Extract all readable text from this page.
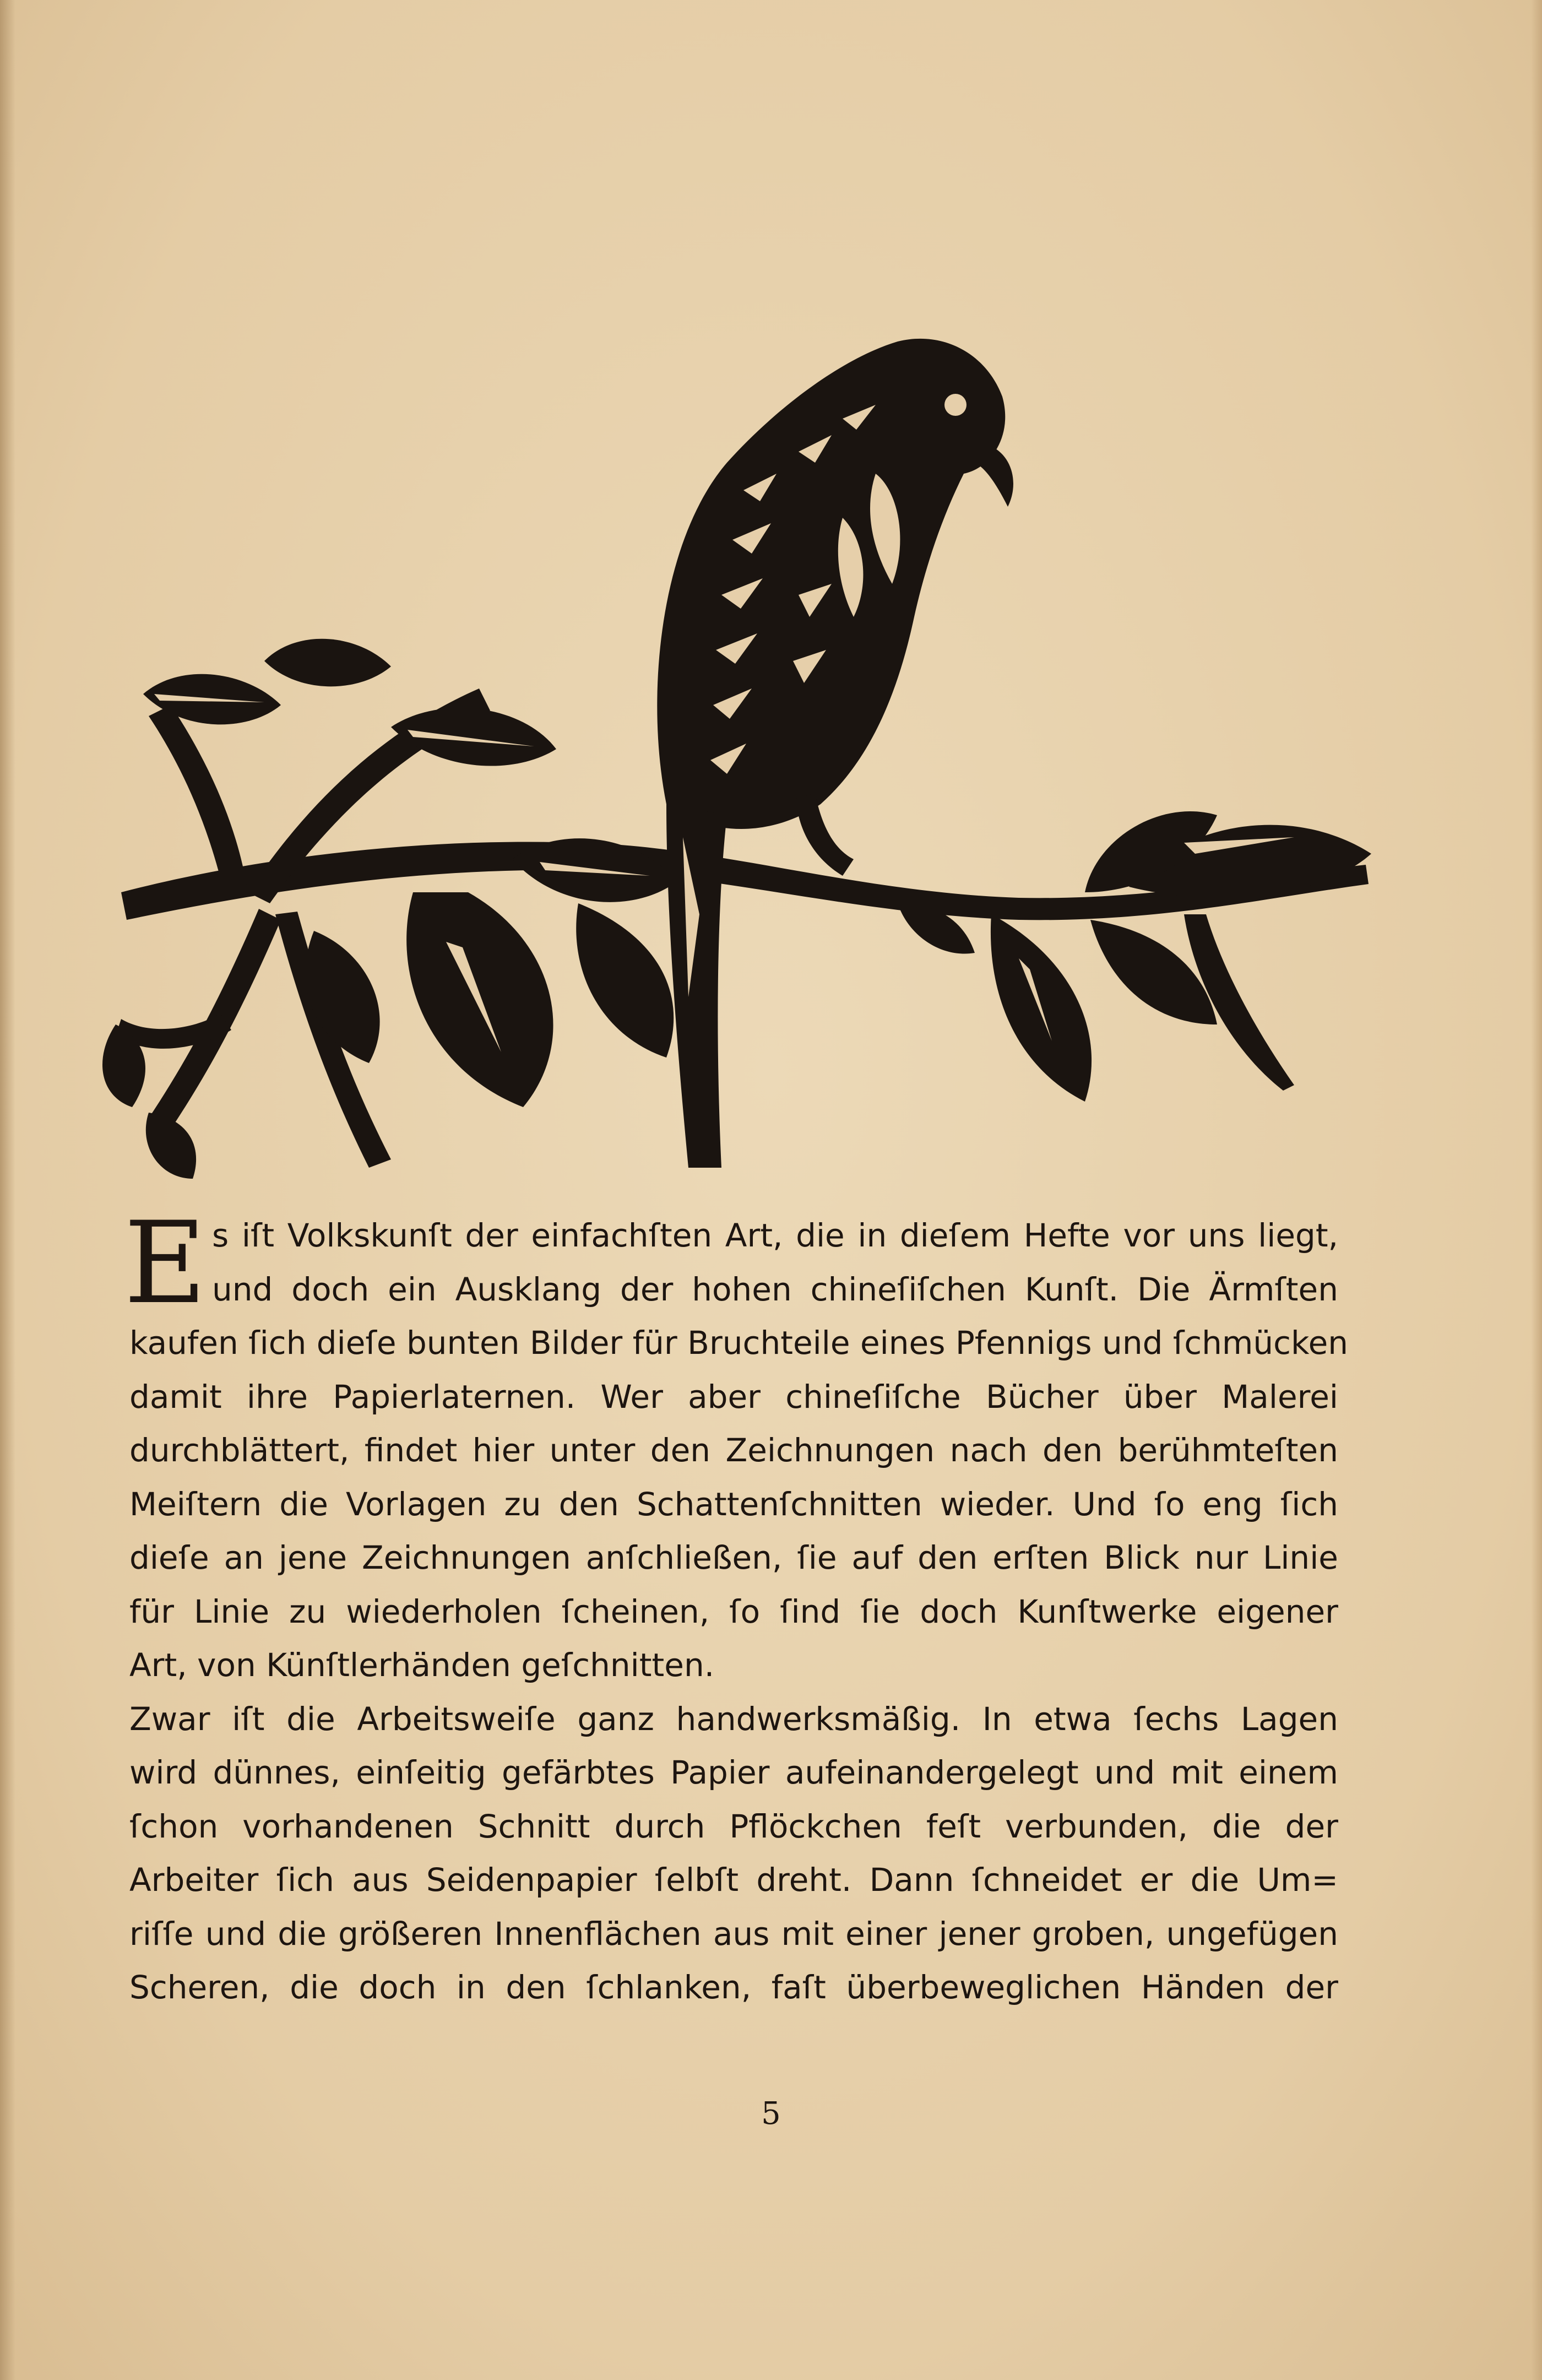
E s iſt Volkskunſt der einfachſten Art, die in dieſem Hefte vor uns liegt,
und doch ein Ausklang der hohen chineſiſchen Kunſt. Die Ärmſten
kaufen ſich dieſe bunten Bilder für Bruchteile eines Pfennigs und ſchmücken
damit ihre Papierlaternen. Wer aber chineſiſche Bücher über Malerei
durchblättert, findet hier unter den Zeichnungen nach den berühmteſten
Meiſtern die Vorlagen zu den Schattenſchnitten wieder. Und ſo eng ſich
dieſe an jene Zeichnungen anſchließen, ſie auf den erſten Blick nur Linie
für Linie zu wiederholen ſcheinen, ſo ſind ſie doch Kunſtwerke eigener
Art, von Künſtlerhänden geſchnitten.
Zwar iſt die Arbeitsweiſe ganz handwerksmäßig. In etwa ſechs Lagen
wird dünnes, einſeitig gefärbtes Papier aufeinandergelegt und mit einem
ſchon vorhandenen Schnitt durch Pflöckchen feſt verbunden, die der
Arbeiter ſich aus Seidenpapier ſelbſt dreht. Dann ſchneidet er die Um=
riſſe und die größeren Innenflächen aus mit einer jener groben, ungefügen
Scheren, die doch in den ſchlanken, faſt überbeweglichen Händen der
5
